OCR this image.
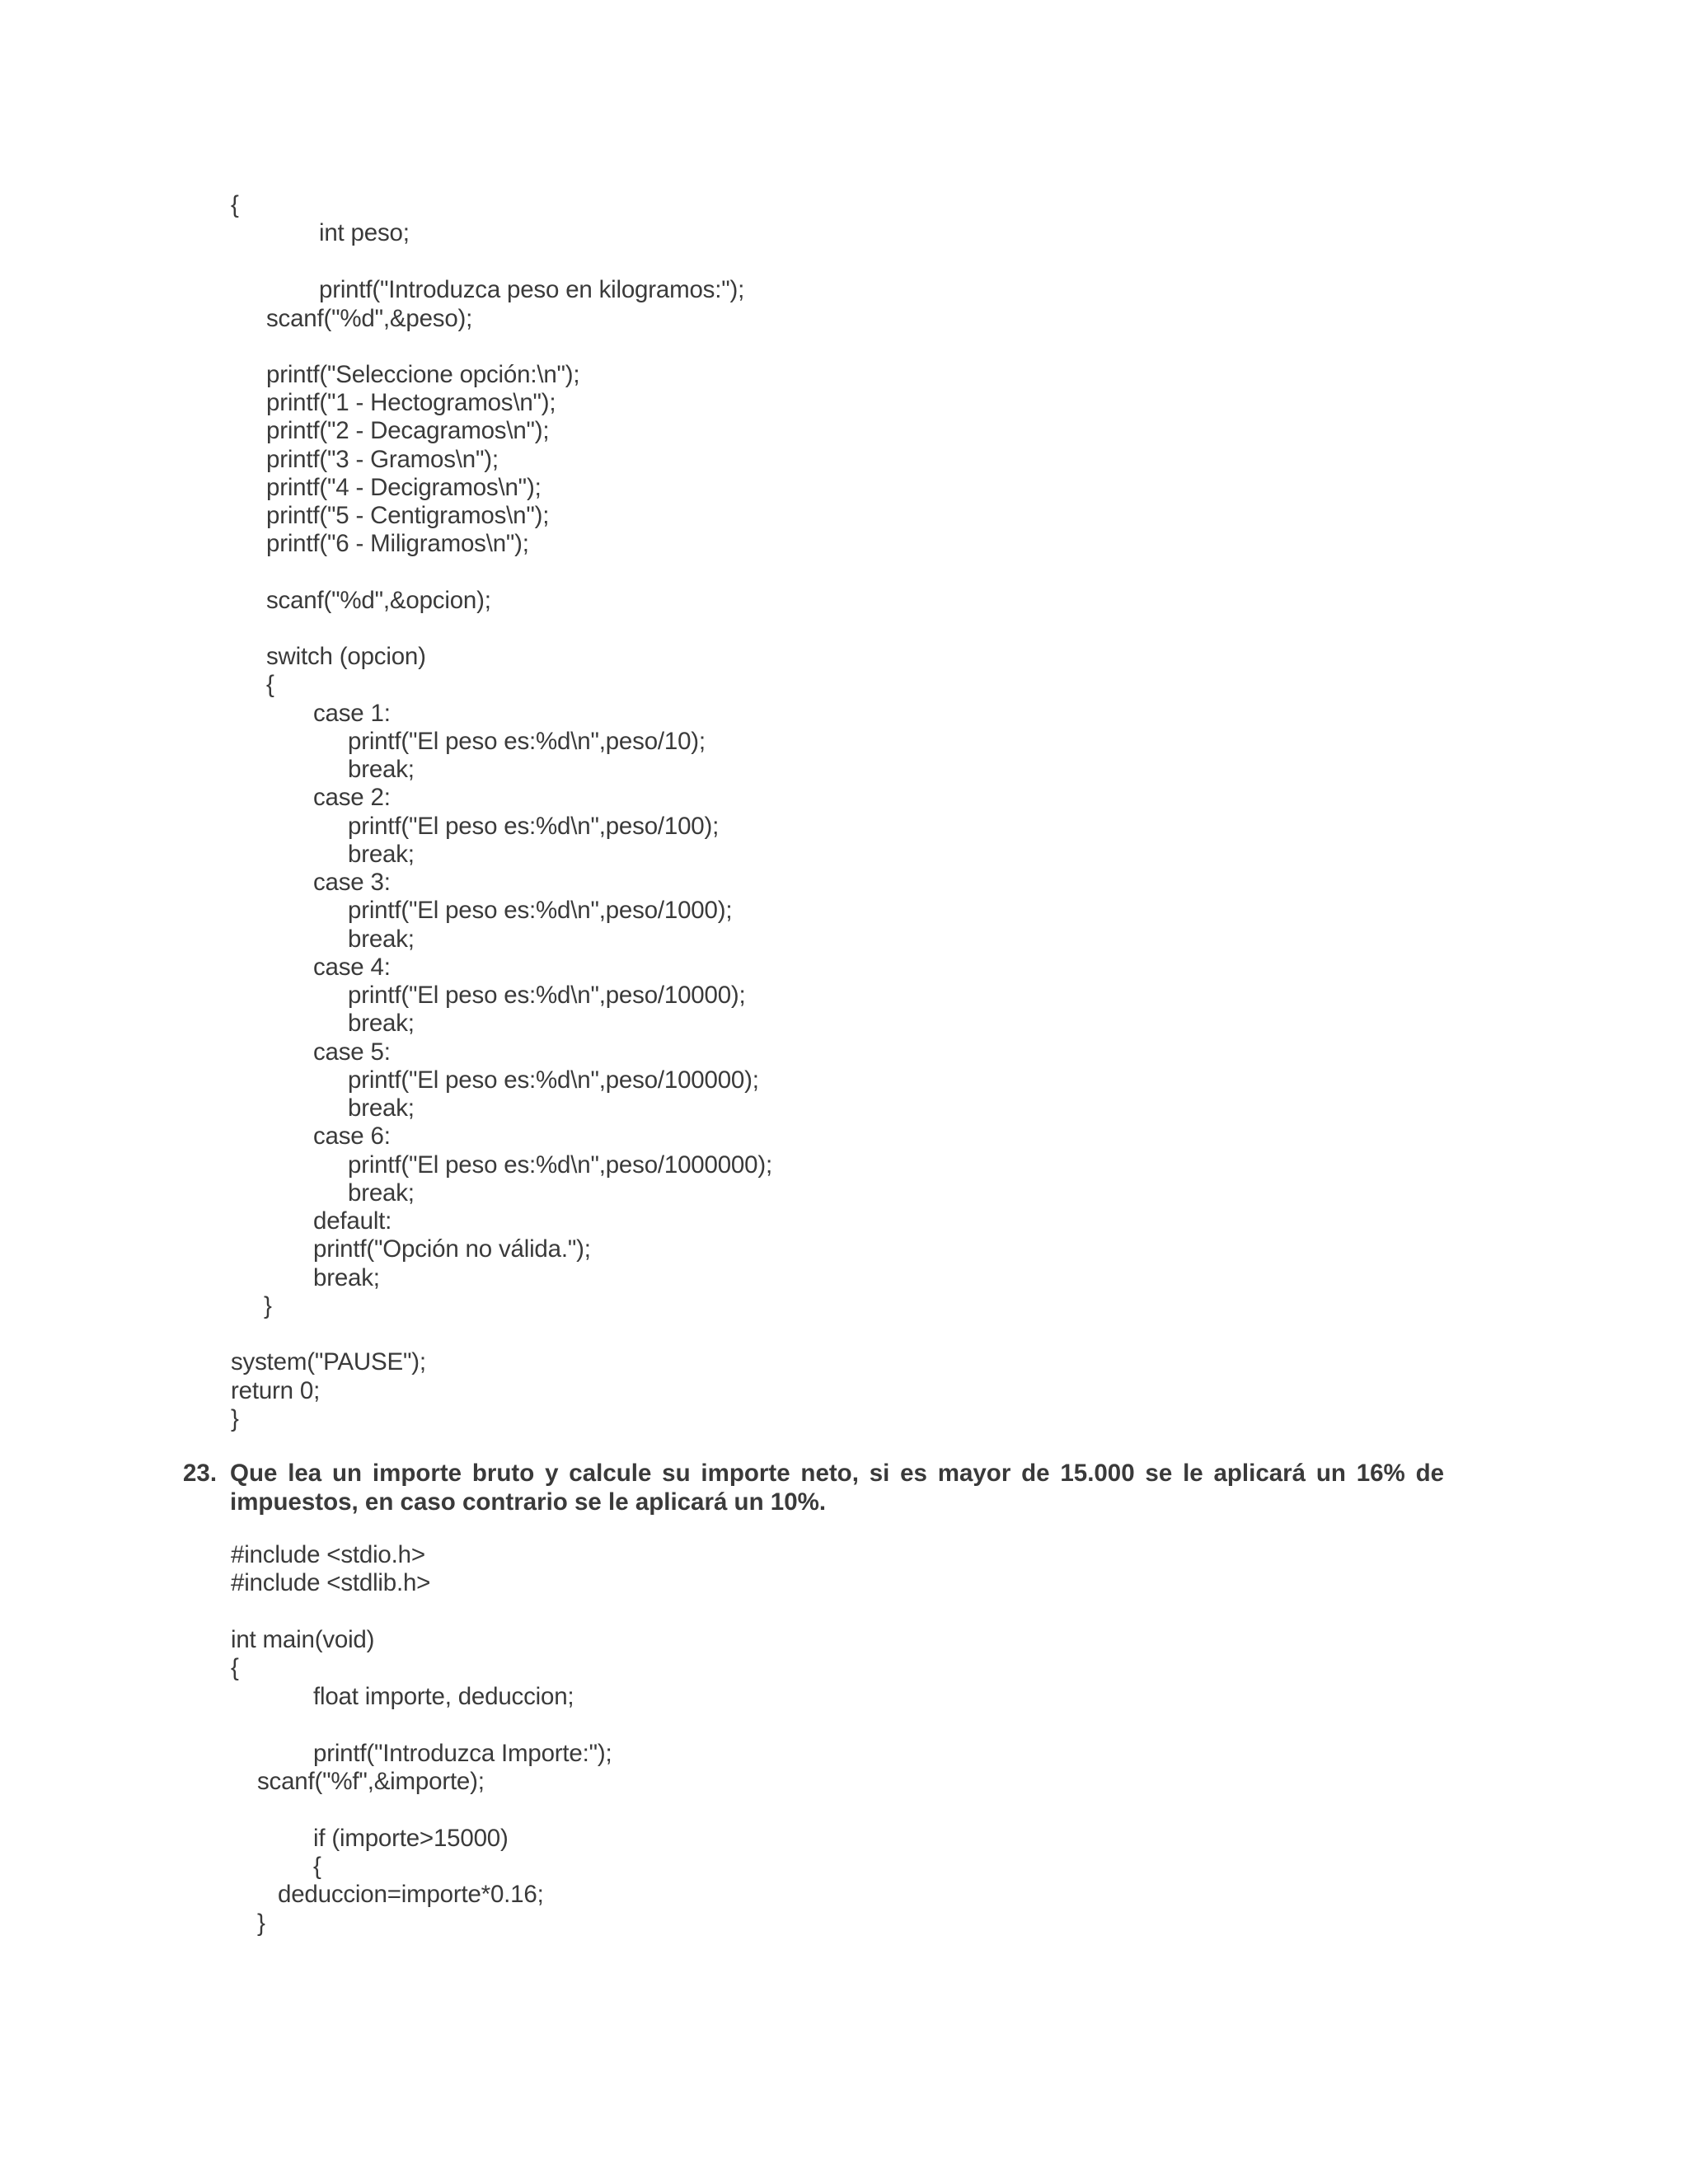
{
int peso;
printf("Introduzca peso en kilogramos:");
scanf("%d",&peso);
printf("Seleccione opción:\n");
printf("1 - Hectogramos\n");
printf("2 - Decagramos\n");
printf("3 - Gramos\n");
printf("4 - Decigramos\n");
printf("5 - Centigramos\n");
printf("6 - Miligramos\n");
scanf("%d",&opcion);
switch (opcion)
{
case 1:
printf("El peso es:%d\n",peso/10);
break;
case 2:
printf("El peso es:%d\n",peso/100);
break;
case 3:
printf("El peso es:%d\n",peso/1000);
break;
case 4:
printf("El peso es:%d\n",peso/10000);
break;
case 5:
printf("El peso es:%d\n",peso/100000);
break;
case 6:
printf("El peso es:%d\n",peso/1000000);
break;
default:
printf("Opción no válida.");
break;
}
system("PAUSE");
return 0;
}
23. Que lea un importe bruto y calcule su importe neto, si es mayor de 15.000 se le aplicará un 16% de
impuestos, en caso contrario se le aplicará un 10%.
#include <stdio.h>
#include <stdlib.h>
int main(void)
{
float importe, deduccion;
printf("Introduzca Importe:");
scanf("%f",&importe);
if (importe>15000)
{
deduccion=importe*0.16;
}
